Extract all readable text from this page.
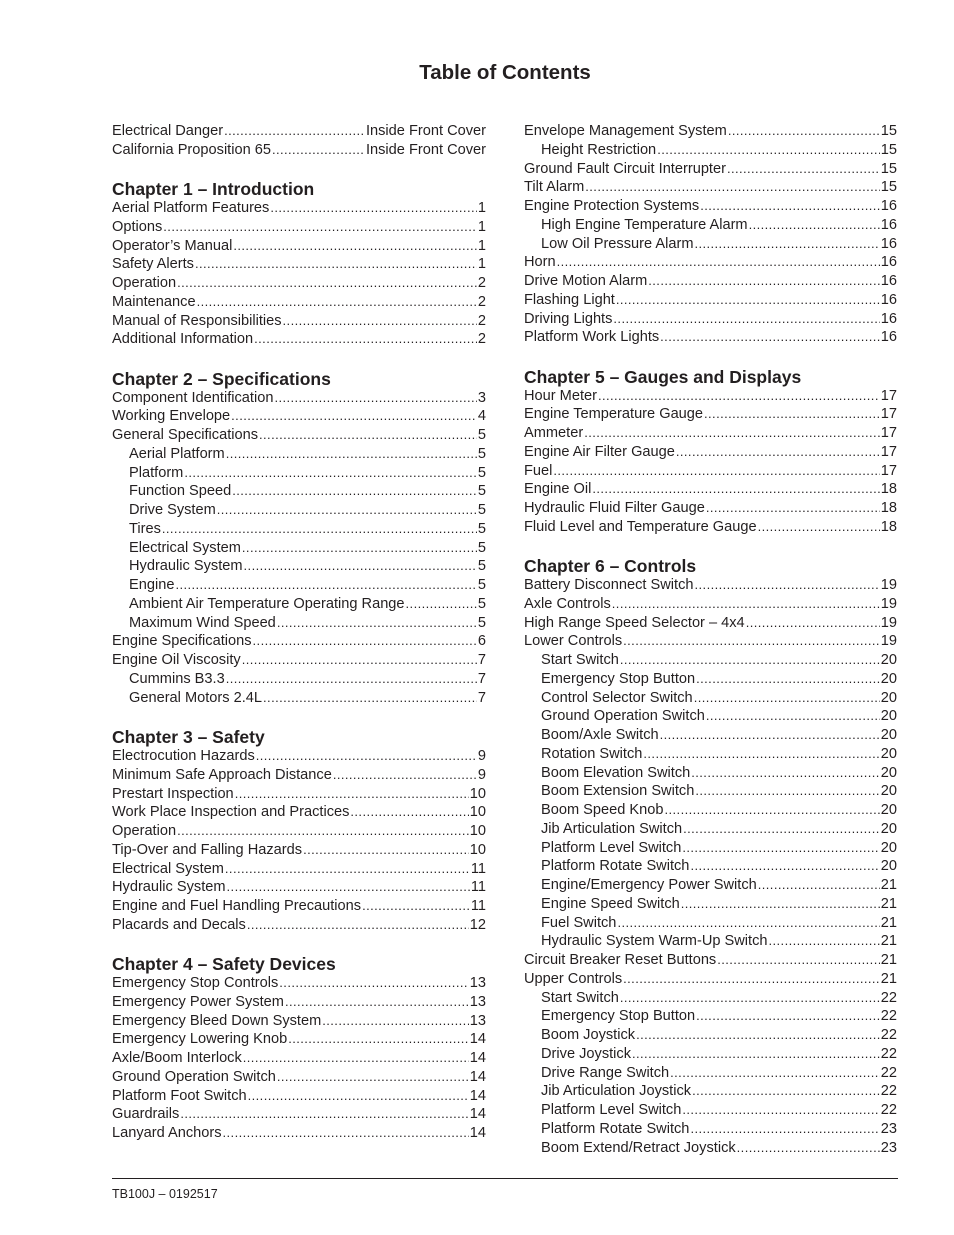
Table of Contents
Electrical Danger .....	Inside Front Cover
California Proposition 65 .....	Inside Front Cover
Chapter 1 – Introduction
Aerial Platform Features .....	1
Options .....	1
Operator’s Manual .....	1
Safety Alerts .....	1
Operation .....	2
Maintenance .....	2
Manual of Responsibilities .....	2
Additional Information .....	2
Chapter 2 – Specifications
Component Identification .....	3
Working Envelope .....	4
General Specifications .....	5
Aerial Platform .....	5
Platform .....	5
Function Speed .....	5
Drive System .....	5
Tires .....	5
Electrical System .....	5
Hydraulic System .....	5
Engine .....	5
Ambient Air Temperature Operating Range .....	5
Maximum Wind Speed .....	5
Engine Specifications .....	6
Engine Oil Viscosity .....	7
Cummins B3.3 .....	7
General Motors 2.4L .....	7
Chapter 3 – Safety
Electrocution Hazards .....	9
Minimum Safe Approach Distance .....	9
Prestart Inspection .....	10
Work Place Inspection and Practices .....	10
Operation .....	10
Tip-Over and Falling Hazards .....	10
Electrical System .....	11
Hydraulic System .....	11
Engine and Fuel Handling Precautions .....	11
Placards and Decals .....	12
Chapter 4 – Safety Devices
Emergency Stop Controls .....	13
Emergency Power System .....	13
Emergency Bleed Down System .....	13
Emergency Lowering Knob .....	14
Axle/Boom Interlock .....	14
Ground Operation Switch .....	14
Platform Foot Switch .....	14
Guardrails .....	14
Lanyard Anchors .....	14
Envelope Management System .....	15
Height Restriction .....	15
Ground Fault Circuit Interrupter .....	15
Tilt Alarm .....	15
Engine Protection Systems .....	16
High Engine Temperature Alarm .....	16
Low Oil Pressure Alarm .....	16
Horn .....	16
Drive Motion Alarm .....	16
Flashing Light .....	16
Driving Lights .....	16
Platform Work Lights .....	16
Chapter 5 – Gauges and Displays
Hour Meter .....	17
Engine Temperature Gauge .....	17
Ammeter .....	17
Engine Air Filter Gauge .....	17
Fuel .....	17
Engine Oil .....	18
Hydraulic Fluid Filter Gauge .....	18
Fluid Level and Temperature Gauge .....	18
Chapter 6 – Controls
Battery Disconnect Switch .....	19
Axle Controls .....	19
High Range Speed Selector – 4x4 .....	19
Lower Controls .....	19
Start Switch .....	20
Emergency Stop Button .....	20
Control Selector Switch .....	20
Ground Operation Switch .....	20
Boom/Axle Switch .....	20
Rotation Switch .....	20
Boom Elevation Switch .....	20
Boom Extension Switch .....	20
Boom Speed Knob .....	20
Jib Articulation Switch .....	20
Platform Level Switch .....	20
Platform Rotate Switch .....	20
Engine/Emergency Power Switch .....	21
Engine Speed Switch .....	21
Fuel Switch .....	21
Hydraulic System Warm-Up Switch .....	21
Circuit Breaker Reset Buttons .....	21
Upper Controls .....	21
Start Switch .....	22
Emergency Stop Button .....	22
Boom Joystick .....	22
Drive Joystick .....	22
Drive Range Switch .....	22
Jib Articulation Joystick .....	22
Platform Level Switch .....	22
Platform Rotate Switch .....	23
Boom Extend/Retract Joystick .....	23
TB100J – 0192517
